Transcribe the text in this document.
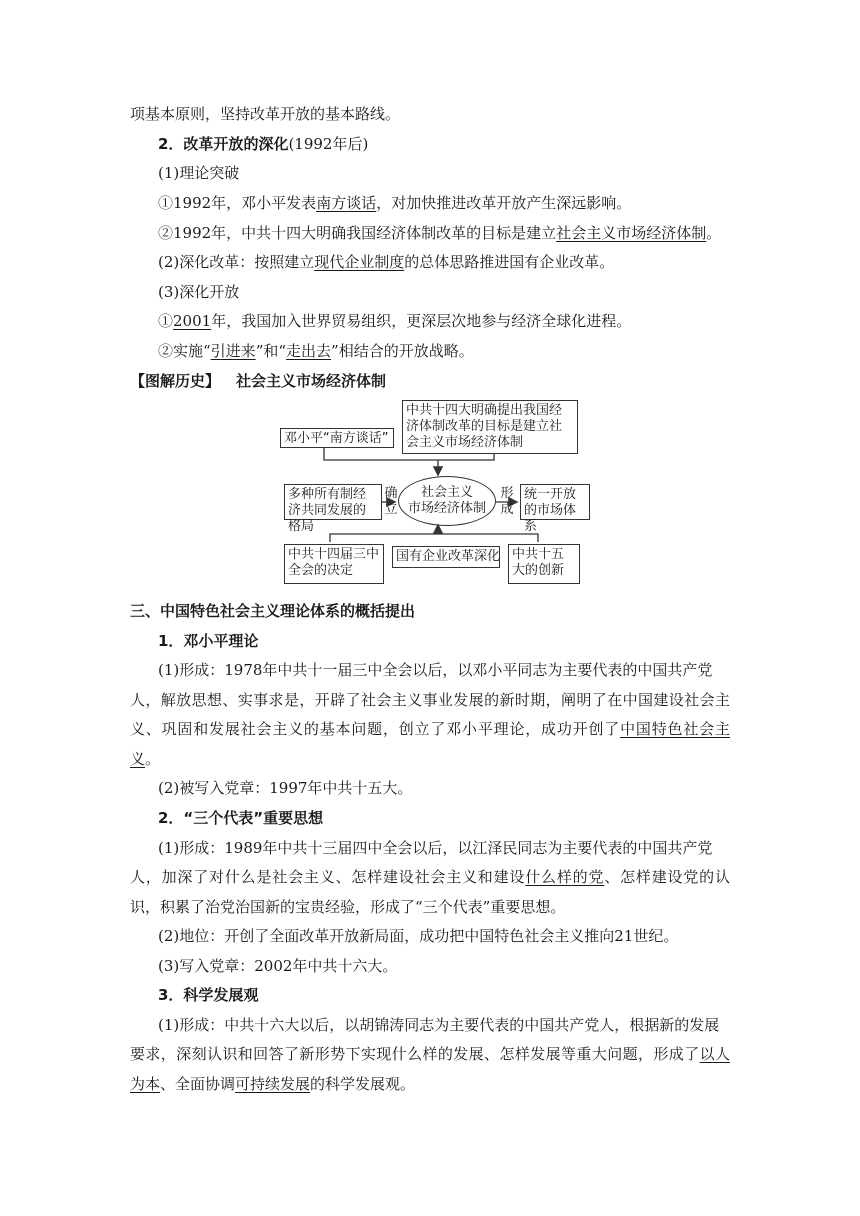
项基本原则，坚持改革开放的基本路线。
2．改革开放的深化(1992年后)
(1)理论突破
①1992年，邓小平发表南方谈话，对加快推进改革开放产生深远影响。
②1992年，中共十四大明确我国经济体制改革的目标是建立社会主义市场经济体制。
(2)深化改革：按照建立现代企业制度的总体思路推进国有企业改革。
(3)深化开放
①2001年，我国加入世界贸易组织，更深层次地参与经济全球化进程。
②实施“引进来”和“走出去”相结合的开放战略。
【图解历史】 社会主义市场经济体制
中共十四大明确提出我国经济体制改革的目标是建立社会主义市场经济体制
邓小平“南方谈话”
多种所有制经济共同发展的格局
确
立
社会主义
市场经济体制
形
成
统一开放的市场体系
中共十四届三中全会的决定
国有企业改革深化 中共十五大的创新
三、中国特色社会主义理论体系的概括提出
1．邓小平理论
(1)形成：1978年中共十一届三中全会以后，以邓小平同志为主要代表的中国共产党
人，解放思想、实事求是，开辟了社会主义事业发展的新时期，阐明了在中国建设社会主
义、巩固和发展社会主义的基本问题，创立了邓小平理论，成功开创了中国特色社会主
义。
(2)被写入党章：1997年中共十五大。
2．“三个代表”重要思想
(1)形成：1989年中共十三届四中全会以后，以江泽民同志为主要代表的中国共产党
人，加深了对什么是社会主义、怎样建设社会主义和建设什么样的党、怎样建设党的认
识，积累了治党治国新的宝贵经验，形成了“三个代表”重要思想。
(2)地位：开创了全面改革开放新局面，成功把中国特色社会主义推向21世纪。
(3)写入党章：2002年中共十六大。
3．科学发展观
(1)形成：中共十六大以后，以胡锦涛同志为主要代表的中国共产党人，根据新的发展
要求，深刻认识和回答了新形势下实现什么样的发展、怎样发展等重大问题，形成了以人
为本、全面协调可持续发展的科学发展观。
